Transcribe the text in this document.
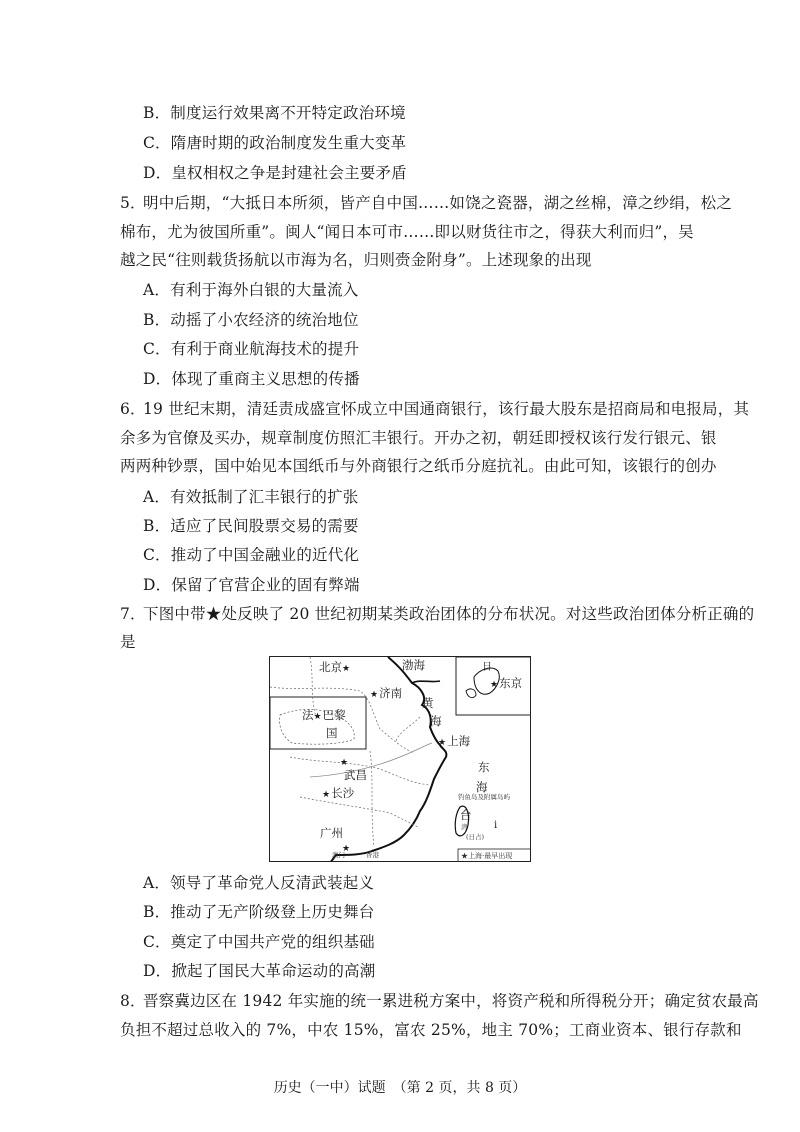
B．制度运行效果离不开特定政治环境
C．隋唐时期的政治制度发生重大变革
D．皇权相权之争是封建社会主要矛盾
5．
明中后期，“大抵日本所须，皆产自中国……如饶之瓷器，湖之丝棉，漳之纱绢，松之
棉布，尤为彼国所重”。闽人“闻日本可市……即以财货往市之，得获大利而归”，吴
越之民“往则载货扬航以市海为名，归则赍金附身”。上述现象的出现
A．有利于海外白银的大量流入
B．动摇了小农经济的统治地位
C．有利于商业航海技术的提升
D．体现了重商主义思想的传播
6．
19 世纪末期，清廷责成盛宣怀成立中国通商银行，该行最大股东是招商局和电报局，其
余多为官僚及买办，规章制度仿照汇丰银行。开办之初，朝廷即授权该行发行银元、银
两两种钞票，国中始见本国纸币与外商银行之纸币分庭抗礼。由此可知，该银行的创办
A．有效抵制了汇丰银行的扩张
B．适应了民间股票交易的需要
C．推动了中国金融业的近代化
D．保留了官营企业的固有弊端
7．
下图中带★处反映了 20 世纪初期某类政治团体的分布状况。对这些政治团体分析正确的
是
北京★	渤海
★济南
黄
海
★上海
东
海
★
武昌
★长沙
广州
★
澳门	香港
法★巴黎
国
日
★东京
钓鱼岛及附属岛屿
台
湾
(日占)
i
★上海·最早出现
A．领导了革命党人反清武装起义
B．推动了无产阶级登上历史舞台
C．奠定了中国共产党的组织基础
D．掀起了国民大革命运动的高潮
8．
晋察冀边区在 1942 年实施的统一累进税方案中，将资产税和所得税分开；确定贫农最高
负担不超过总收入的 7%，中农 15%，富农 25%，地主 70%；工商业资本、银行存款和
历史（一中）试题　（第 2 页，共 8 页）
